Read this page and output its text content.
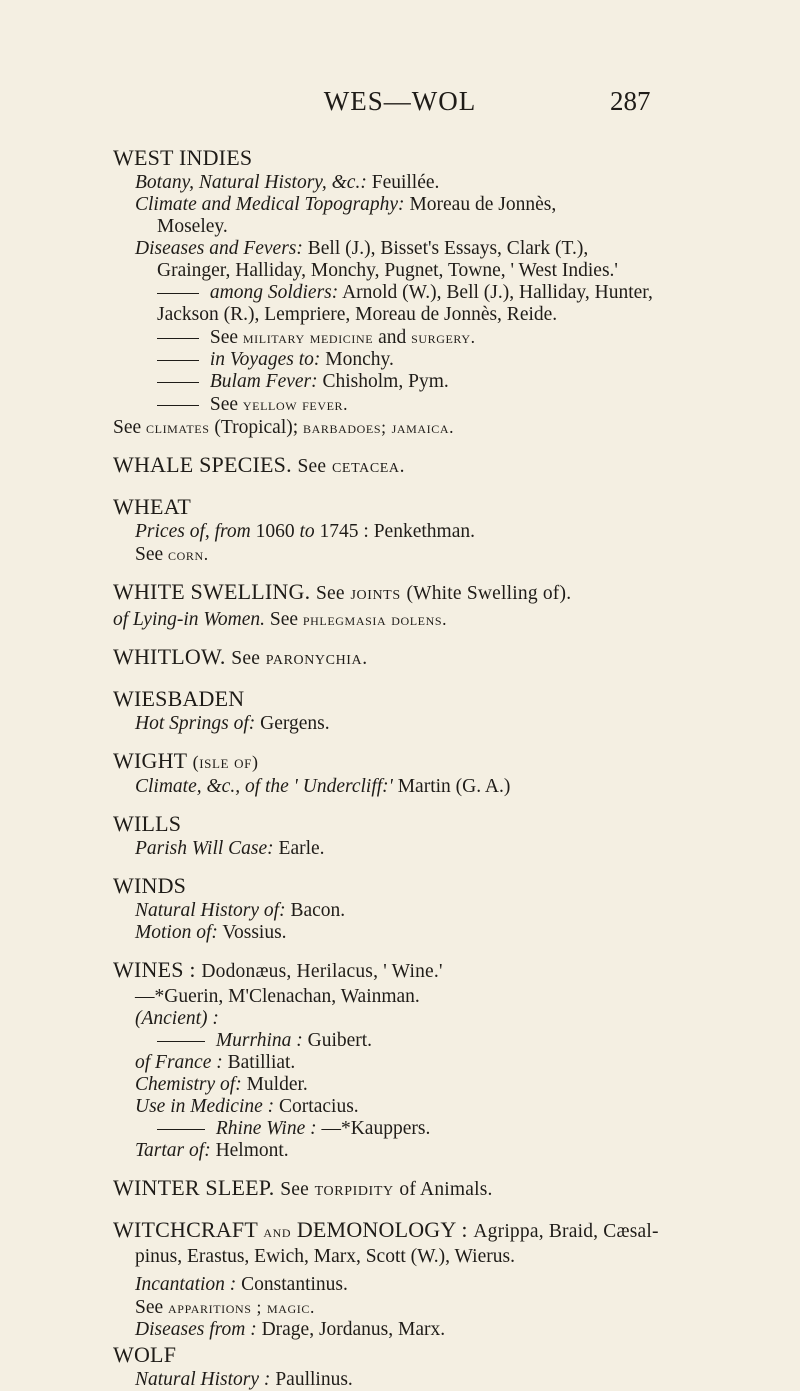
WES—WOL	287
WEST INDIES
Botany, Natural History, &c.: Feuillée.
Climate and Medical Topography: Moreau de Jonnès,
Moseley.
Diseases and Fevers: Bell (J.), Bisset's Essays, Clark (T.),
Grainger, Halliday, Monchy, Pugnet, Towne, ' West Indies.'
among Soldiers: Arnold (W.), Bell (J.), Halliday, Hunter,
Jackson (R.), Lempriere, Moreau de Jonnès, Reide.
See military medicine and surgery.
in Voyages to: Monchy.
Bulam Fever: Chisholm, Pym.
See yellow fever.
See climates (Tropical); barbadoes; jamaica.
WHALE SPECIES. See cetacea.
WHEAT
Prices of, from 1060 to 1745 : Penkethman.
See corn.
WHITE SWELLING. See joints (White Swelling of).
of Lying-in Women. See phlegmasia dolens.
WHITLOW. See paronychia.
WIESBADEN
Hot Springs of: Gergens.
WIGHT (isle of)
Climate, &c., of the ' Undercliff:' Martin (G. A.)
WILLS
Parish Will Case: Earle.
WINDS
Natural History of: Bacon.
Motion of: Vossius.
WINES : Dodonæus, Herilacus, ' Wine.'
—*Guerin, M'Clenachan, Wainman.
(Ancient) :
Murrhina : Guibert.
of France : Batilliat.
Chemistry of: Mulder.
Use in Medicine : Cortacius.
Rhine Wine : —*Kauppers.
Tartar of: Helmont.
WINTER SLEEP. See torpidity of Animals.
WITCHCRAFT and DEMONOLOGY : Agrippa, Braid, Cæsal-
pinus, Erastus, Ewich, Marx, Scott (W.), Wierus.
Incantation : Constantinus.
See apparitions ; magic.
Diseases from : Drage, Jordanus, Marx.
WOLF
Natural History : Paullinus.
